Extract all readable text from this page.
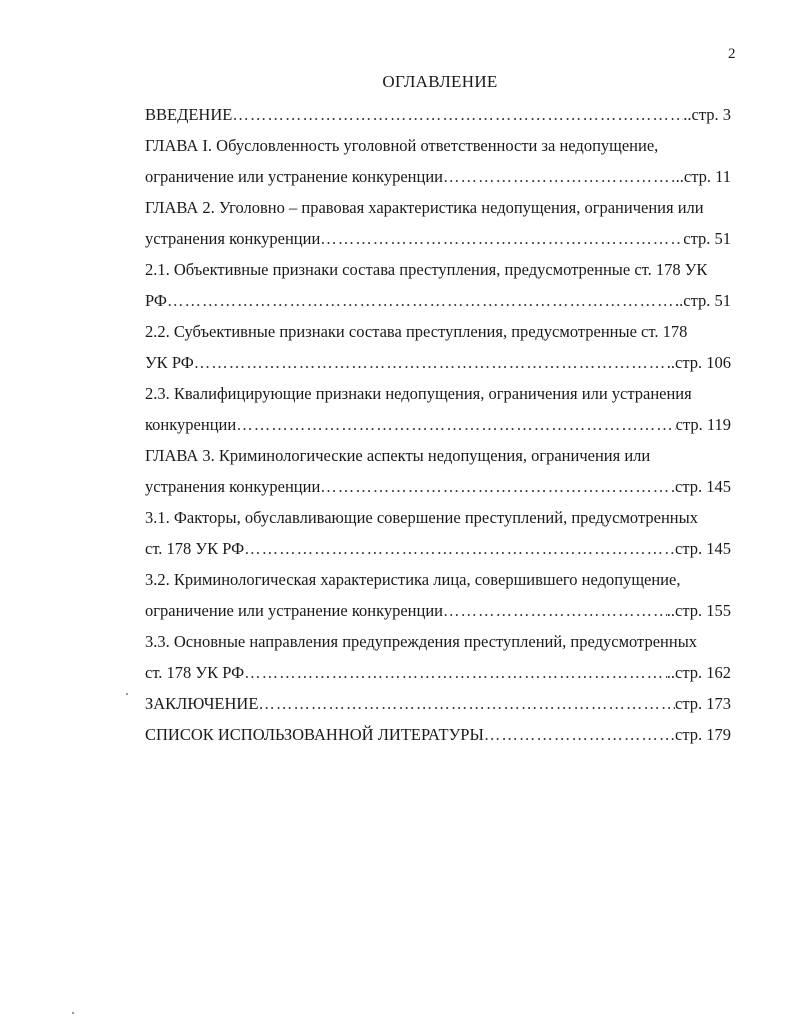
2
ОГЛАВЛЕНИЕ
ВВЕДЕНИЕ ……………………………………………………………………………………………………………………………………	..стр. 3
ГЛАВА I. Обусловленность уголовной ответственности за недопущение,
ограничение или устранение конкуренции ……………………………………………………………………………………………………………………………………	..стр. 11
ГЛАВА 2. Уголовно – правовая характеристика недопущения, ограничения или
устранения конкуренции ……………………………………………………………………………………………………………………………………	стр. 51
2.1. Объективные признаки состава преступления, предусмотренные ст. 178 УК
РФ ……………………………………………………………………………………………………………………………………	..стр. 51
2.2. Субъективные признаки состава преступления, предусмотренные ст. 178
УК РФ ……………………………………………………………………………………………………………………………………	..стр. 106
2.3. Квалифицирующие признаки недопущения, ограничения или устранения
конкуренции ……………………………………………………………………………………………………………………………………	стр. 119
ГЛАВА 3. Криминологические аспекты недопущения, ограничения или
устранения конкуренции ……………………………………………………………………………………………………………………………………	стр. 145
3.1. Факторы, обуславливающие совершение преступлений, предусмотренных
ст. 178 УК РФ ……………………………………………………………………………………………………………………………………	стр. 145
3.2. Криминологическая характеристика лица, совершившего недопущение,
ограничение или устранение конкуренции ……………………………………………………………………………………………………………………………………	..стр. 155
3.3. Основные направления предупреждения преступлений, предусмотренных
ст. 178 УК РФ ……………………………………………………………………………………………………………………………………	..стр. 162
ЗАКЛЮЧЕНИЕ ……………………………………………………………………………………………………………………………………	стр. 173
СПИСОК ИСПОЛЬЗОВАННОЙ ЛИТЕРАТУРЫ ……………………………………………………………………………………………………………………………………	стр. 179
